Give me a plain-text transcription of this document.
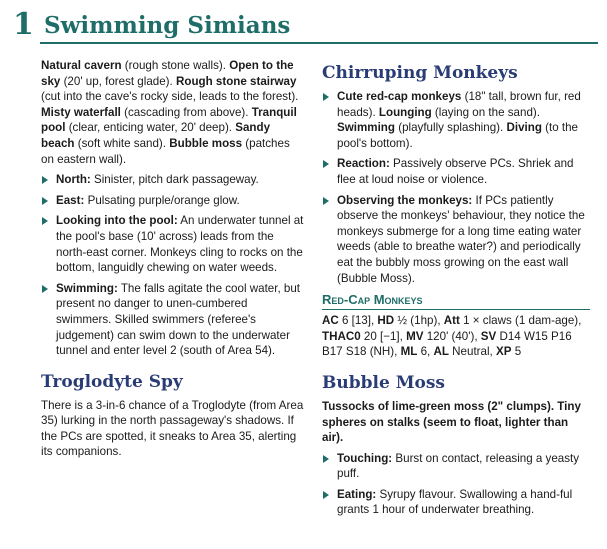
1 Swimming Simians

Natural cavern (rough stone walls). Open to the sky (20' up, forest glade). Rough stone stairway (cut into the cave's rocky side, leads to the forest). Misty waterfall (cascading from above). Tranquil pool (clear, enticing water, 20' deep). Sandy beach (soft white sand). Bubble moss (patches on eastern wall).

North: Sinister, pitch dark passageway.
East: Pulsating purple/orange glow.
Looking into the pool: An underwater tunnel at the pool's base (10' across) leads from the north-east corner. Monkeys cling to rocks on the bottom, languidly chewing on water weeds.
Swimming: The falls agitate the cool water, but present no danger to unen-cumbered swimmers. Skilled swimmers (referee's judgement) can swim down to the underwater tunnel and enter level 2 (south of Area 54).
Troglodyte Spy

There is a 3-in-6 chance of a Troglodyte (from Area 35) lurking in the north passageway's shadows. If the PCs are spotted, it sneaks to Area 35, alerting its companions.

Chirruping Monkeys
Cute red-cap monkeys (18" tall, brown fur, red heads). Lounging (laying on the sand). Swimming (playfully splashing). Diving (to the pool's bottom).
Reaction: Passively observe PCs. Shriek and flee at loud noise or violence.
Observing the monkeys: If PCs patiently observe the monkeys' behaviour, they notice the monkeys submerge for a long time eating water weeds (able to breathe water?) and periodically eat the bubbly moss growing on the east wall (Bubble Moss).
Red-Cap Monkeys

AC 6 [13], HD ½ (1hp), Att 1 × claws (1 dam-age), THAC0 20 [−1], MV 120' (40'), SV D14 W15 P16 B17 S18 (NH), ML 6, AL Neutral, XP 5

Bubble Moss

Tussocks of lime-green moss (2" clumps). Tiny spheres on stalks (seem to float, lighter than air).

Touching: Burst on contact, releasing a yeasty puff.
Eating: Syrupy flavour. Swallowing a hand-ful grants 1 hour of underwater breathing.
